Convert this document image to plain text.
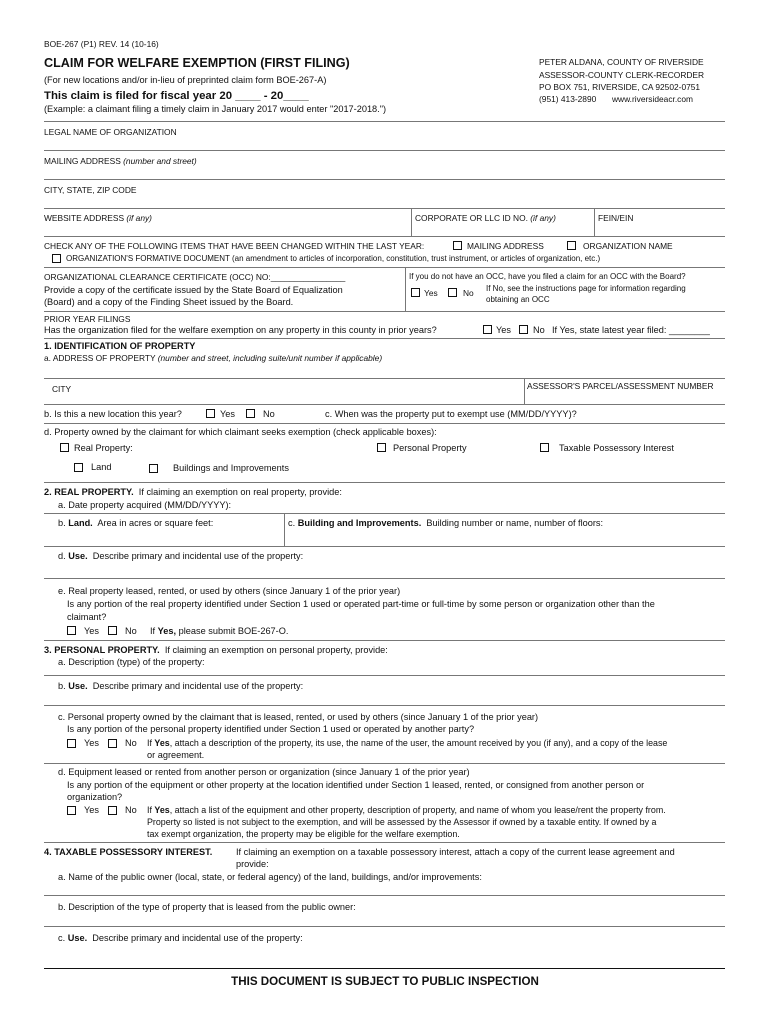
BOE-267 (P1) REV. 14 (10-16)
CLAIM FOR WELFARE EXEMPTION (FIRST FILING)
(For new locations and/or in-lieu of preprinted claim form BOE-267-A)
This claim is filed for fiscal year 20 ____ - 20____
(Example: a claimant filing a timely claim in January 2017 would enter "2017-2018.")
PETER ALDANA, COUNTY OF RIVERSIDE
ASSESSOR-COUNTY CLERK-RECORDER
PO BOX 751, RIVERSIDE, CA 92502-0751
(951) 413-2890 www.riversideacr.com
LEGAL NAME OF ORGANIZATION
MAILING ADDRESS (number and street)
CITY, STATE, ZIP CODE
WEBSITE ADDRESS (if any)	CORPORATE OR LLC ID NO. (if any)	FEIN/EIN
CHECK ANY OF THE FOLLOWING ITEMS THAT HAVE BEEN CHANGED WITHIN THE LAST YEAR:	MAILING ADDRESS	ORGANIZATION NAME
ORGANIZATION'S FORMATIVE DOCUMENT (an amendment to articles of incorporation, constitution, trust instrument, or articles of organization, etc.)
ORGANIZATIONAL CLEARANCE CERTIFICATE (OCC) NO:________________
Provide a copy of the certificate issued by the State Board of Equalization
(Board) and a copy of the Finding Sheet issued by the Board.
If you do not have an OCC, have you filed a claim for an OCC with the Board?
Yes	No If No, see the instructions page for information regarding
obtaining an OCC
PRIOR YEAR FILINGS
Has the organization filed for the welfare exemption on any property in this county in prior years?	Yes No If Yes, state latest year filed: ________
1. IDENTIFICATION OF PROPERTY
a. ADDRESS OF PROPERTY (number and street, including suite/unit number if applicable)
CITY	ASSESSOR'S PARCEL/ASSESSMENT NUMBER
b. Is this a new location this year?	Yes	No	c. When was the property put to exempt use (MM/DD/YYYY)?
d. Property owned by the claimant for which claimant seeks exemption (check applicable boxes):
Real Property:	Personal Property	Taxable Possessory Interest
Land	Buildings and Improvements
2. REAL PROPERTY. If claiming an exemption on real property, provide:
a. Date property acquired (MM/DD/YYYY):
b. Land. Area in acres or square feet:	c. Building and Improvements. Building number or name, number of floors:
d. Use. Describe primary and incidental use of the property:
e. Real property leased, rented, or used by others (since January 1 of the prior year)
Is any portion of the real property identified under Section 1 used or operated part-time or full-time by some person or organization other than the
claimant?
Yes	No If Yes, please submit BOE-267-O.
3. PERSONAL PROPERTY. If claiming an exemption on personal property, provide:
a. Description (type) of the property:
b. Use. Describe primary and incidental use of the property:
c. Personal property owned by the claimant that is leased, rented, or used by others (since January 1 of the prior year)
Is any portion of the personal property identified under Section 1 used or operated by another party?
Yes	No If Yes, attach a description of the property, its use, the name of the user, the amount received by you (if any), and a copy of the lease
or agreement.
d. Equipment leased or rented from another person or organization (since January 1 of the prior year)
Is any portion of the equipment or other property at the location identified under Section 1 leased, rented, or consigned from another person or
organization?
Yes	No If Yes, attach a list of the equipment and other property, description of property, and name of whom you lease/rent the property from.
Property so listed is not subject to the exemption, and will be assessed by the Assessor if owned by a taxable entity. If owned by a
tax exempt organization, the property may be eligible for the welfare exemption.
4. TAXABLE POSSESSORY INTEREST.	If claiming an exemption on a taxable possessory interest, attach a copy of the current lease agreement and
provide:
a. Name of the public owner (local, state, or federal agency) of the land, buildings, and/or improvements:
b. Description of the type of property that is leased from the public owner:
c. Use. Describe primary and incidental use of the property:
THIS DOCUMENT IS SUBJECT TO PUBLIC INSPECTION
